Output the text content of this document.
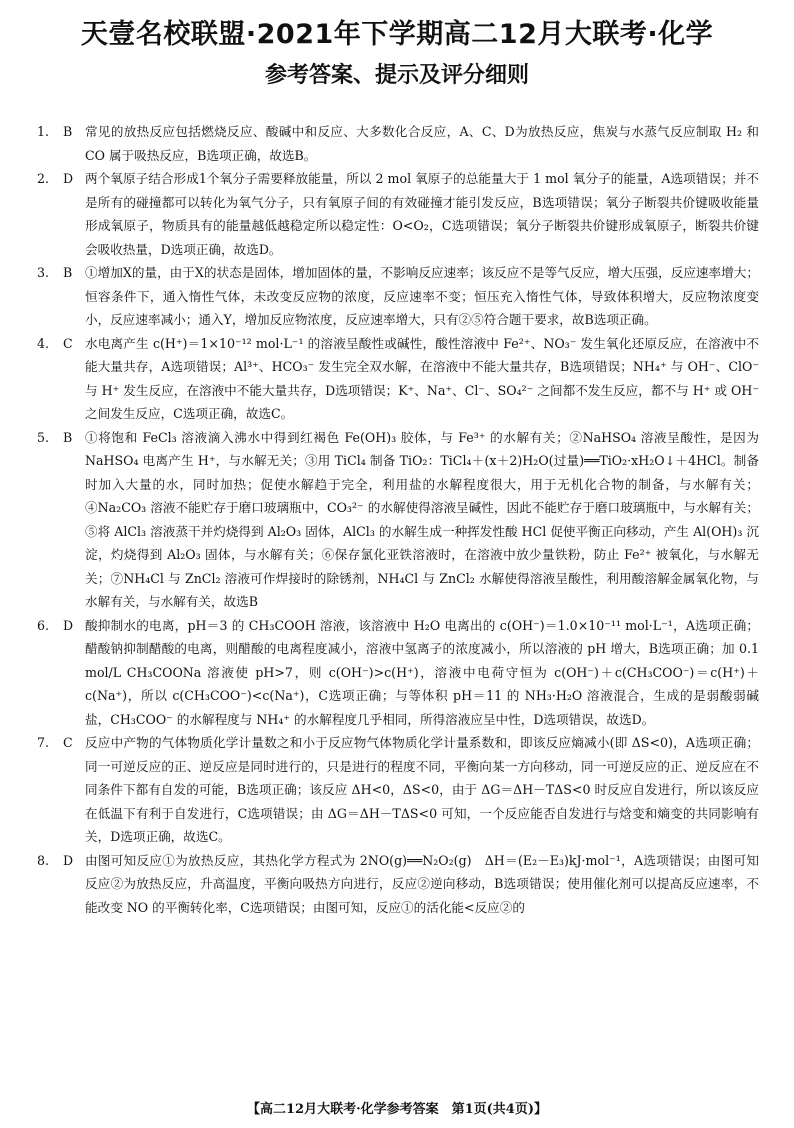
天壹名校联盟·2021年下学期高二12月大联考·化学
参考答案、提示及评分细则
1.	B	常见的放热反应包括燃烧反应、酸碱中和反应、大多数化合反应，A、C、D为放热反应，焦炭与水蒸气反应制取 H₂ 和 CO 属于吸热反应，B选项正确，故选B。
2.	D 两个氧原子结合形成1个氧分子需要释放能量，所以 2 mol 氧原子的总能量大于 1 mol 氧分子的能量，A选项错误；并不是所有的碰撞都可以转化为氧气分子，只有氧原子间的有效碰撞才能引发反应，B选项错误；氧分子断裂共价键吸收能量形成氧原子，物质具有的能量越低越稳定所以稳定性：O<O₂，C选项错误；氧分子断裂共价键形成氧原子，断裂共价键会吸收热量，D选项正确，故选D。
3.	B	①增加X的量，由于X的状态是固体，增加固体的量，不影响反应速率；该反应不是等气反应，增大压强，反应速率增大；恒容条件下，通入惰性气体，未改变反应物的浓度，反应速率不变；恒压充入惰性气体，导致体积增大，反应物浓度变小，反应速率减小；通入Y，增加反应物浓度，反应速率增大，只有②⑤符合题干要求，故B选项正确。
4.	C 水电离产生 c(H⁺)＝1×10⁻¹² mol·L⁻¹ 的溶液呈酸性或碱性，酸性溶液中 Fe²⁺、NO₃⁻ 发生氧化还原反应，在溶液中不能大量共存，A选项错误；Al³⁺、HCO₃⁻ 发生完全双水解，在溶液中不能大量共存，B选项错误；NH₄⁺ 与 OH⁻、ClO⁻ 与 H⁺ 发生反应，在溶液中不能大量共存，D选项错误；K⁺、Na⁺、Cl⁻、SO₄²⁻ 之间都不发生反应，都不与 H⁺ 或 OH⁻ 之间发生反应，C选项正确，故选C。
5.	B	①将饱和 FeCl₃ 溶液滴入沸水中得到红褐色 Fe(OH)₃ 胶体，与 Fe³⁺ 的水解有关；②NaHSO₄ 溶液呈酸性，是因为 NaHSO₄ 电离产生 H⁺，与水解无关；③用 TiCl₄ 制备 TiO₂：TiCl₄＋(x＋2)H₂O(过量)══TiO₂·xH₂O↓＋4HCl。制备时加入大量的水，同时加热；促使水解趋于完全，利用盐的水解程度很大，用于无机化合物的制备，与水解有关；④Na₂CO₃ 溶液不能贮存于磨口玻璃瓶中，CO₃²⁻ 的水解使得溶液呈碱性，因此不能贮存于磨口玻璃瓶中，与水解有关；⑤将 AlCl₃ 溶液蒸干并灼烧得到 Al₂O₃ 固体，AlCl₃ 的水解生成一种挥发性酸 HCl 促使平衡正向移动，产生 Al(OH)₃ 沉淀，灼烧得到 Al₂O₃ 固体，与水解有关；⑥保存氯化亚铁溶液时，在溶液中放少量铁粉，防止 Fe²⁺ 被氧化，与水解无关；⑦NH₄Cl 与 ZnCl₂ 溶液可作焊接时的除锈剂，NH₄Cl 与 ZnCl₂ 水解使得溶液呈酸性，利用酸溶解金属氧化物，与水解有关，与水解有关，故选B
6.	D 酸抑制水的电离，pH＝3 的 CH₃COOH 溶液，该溶液中 H₂O 电离出的 c(OH⁻)＝1.0×10⁻¹¹ mol·L⁻¹，A选项正确；醋酸钠抑制醋酸的电离，则醋酸的电离程度减小，溶液中氢离子的浓度减小，所以溶液的 pH 增大，B选项正确；加 0.1 mol/L CH₃COONa 溶液使 pH>7，则 c(OH⁻)>c(H⁺)，溶液中电荷守恒为 c(OH⁻)＋c(CH₃COO⁻)＝c(H⁺)＋c(Na⁺)，所以 c(CH₃COO⁻)<c(Na⁺)，C选项正确；与等体积 pH＝11 的 NH₃·H₂O 溶液混合，生成的是弱酸弱碱盐，CH₃COO⁻ 的水解程度与 NH₄⁺ 的水解程度几乎相同，所得溶液应呈中性，D选项错误，故选D。
7.	C 反应中产物的气体物质化学计量数之和小于反应物气体物质化学计量系数和，即该反应熵减小(即 ΔS<0)，A选项正确；同一可逆反应的正、逆反应是同时进行的，只是进行的程度不同，平衡向某一方向移动，同一可逆反应的正、逆反应在不同条件下都有自发的可能，B选项正确；该反应 ΔH<0，ΔS<0，由于 ΔG＝ΔH－TΔS<0 时反应自发进行，所以该反应在低温下有利于自发进行，C选项错误；由 ΔG＝ΔH－TΔS<0 可知，一个反应能否自发进行与焓变和熵变的共同影响有关，D选项正确，故选C。
8.	D 由图可知反应①为放热反应，其热化学方程式为 2NO(g)══N₂O₂(g)　ΔH＝(E₂－E₃)kJ·mol⁻¹，A选项错误；由图可知反应②为放热反应，升高温度，平衡向吸热方向进行，反应②逆向移动，B选项错误；使用催化剂可以提高反应速率，不能改变 NO 的平衡转化率，C选项错误；由图可知，反应①的活化能<反应②的
【高二12月大联考·化学参考答案　第1页(共4页)】
